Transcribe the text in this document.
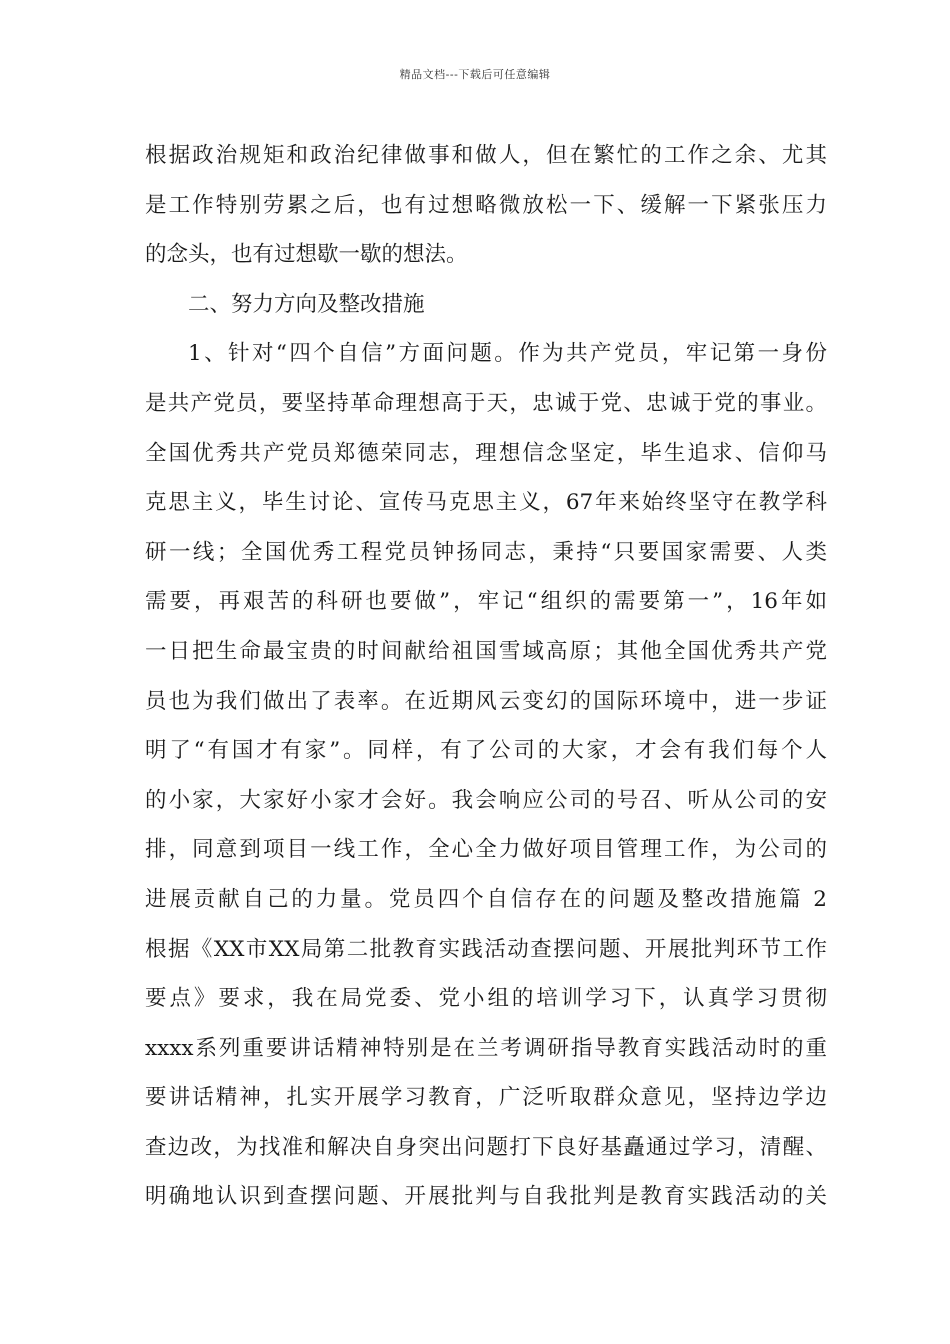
精品文档---下载后可任意编辑
根据政治规矩和政治纪律做事和做人，但在繁忙的工作之余、尤其
是工作特别劳累之后，也有过想略微放松一下、缓解一下紧张压力
的念头，也有过想歇一歇的想法。
二、努力方向及整改措施
1、针对“四个自信”方面问题。作为共产党员，牢记第一身份
是共产党员，要坚持革命理想高于天，忠诚于党、忠诚于党的事业。
全国优秀共产党员郑德荣同志，理想信念坚定，毕生追求、信仰马
克思主义，毕生讨论、宣传马克思主义，67年来始终坚守在教学科
研一线；全国优秀工程党员钟扬同志，秉持“只要国家需要、人类
需要，再艰苦的科研也要做”，牢记“组织的需要第一”，16年如
一日把生命最宝贵的时间献给祖国雪域高原；其他全国优秀共产党
员也为我们做出了表率。在近期风云变幻的国际环境中，进一步证
明了“有国才有家”。同样，有了公司的大家，才会有我们每个人
的小家，大家好小家才会好。我会响应公司的号召、听从公司的安
排，同意到项目一线工作，全心全力做好项目管理工作，为公司的
进展贡献自己的力量。党员四个自信存在的问题及整改措施篇 2
根据《XX市XX局第二批教育实践活动查摆问题、开展批判环节工作
要点》要求，我在局党委、党小组的培训学习下，认真学习贯彻
xxxx系列重要讲话精神特别是在兰考调研指导教育实践活动时的重
要讲话精神，扎实开展学习教育，广泛听取群众意见，坚持边学边
查边改，为找准和解决自身突出问题打下良好基矗通过学习，清醒、
明确地认识到查摆问题、开展批判与自我批判是教育实践活动的关
